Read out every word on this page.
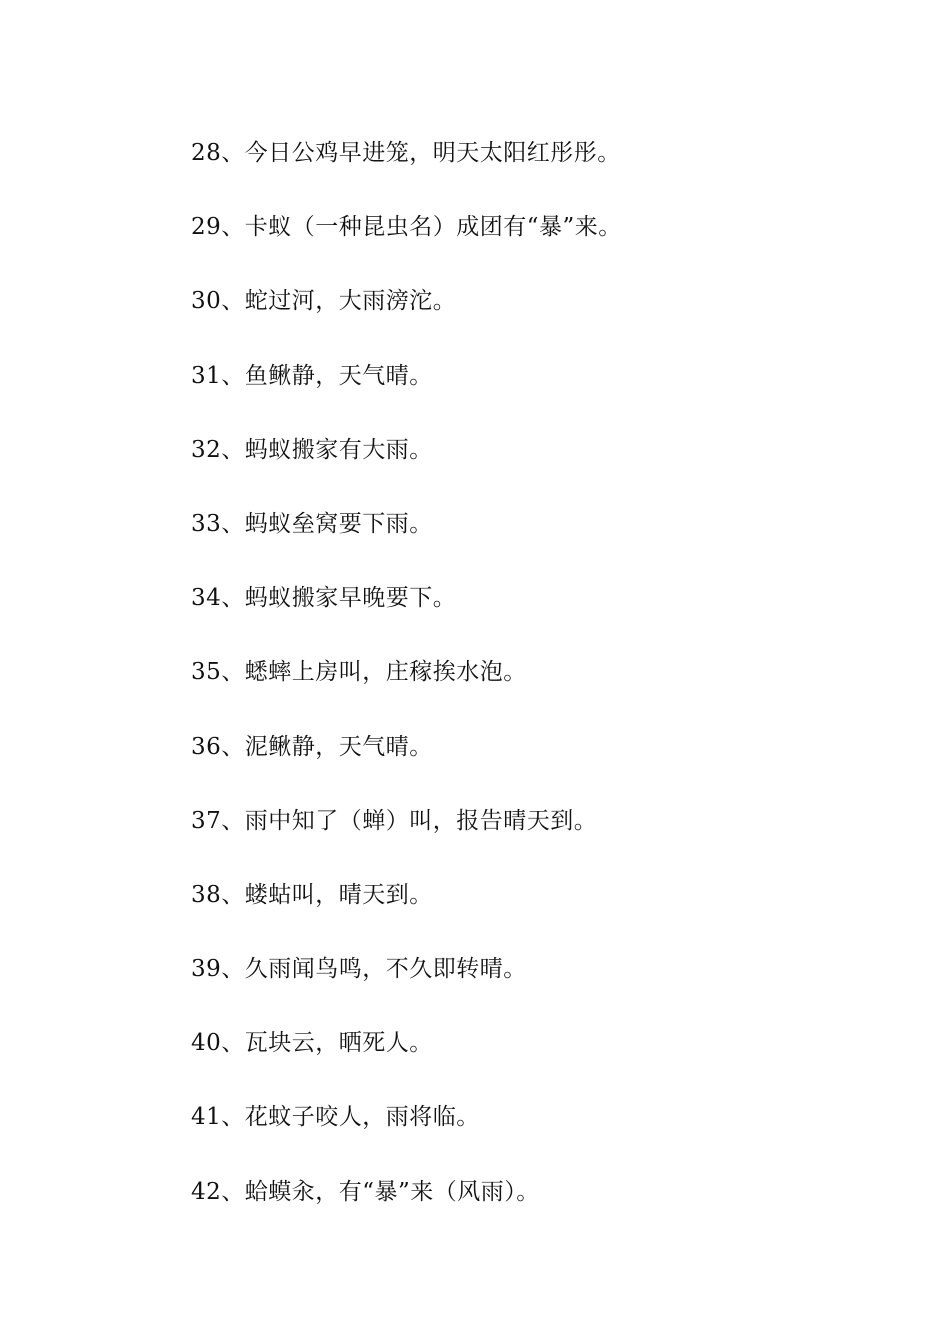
28、今日公鸡早进笼，明天太阳红彤彤。
29、卡蚁（一种昆虫名）成团有“暴”来。
30、蛇过河，大雨滂沱。
31、鱼鳅静，天气晴。
32、蚂蚁搬家有大雨。
33、蚂蚁垒窝要下雨。
34、蚂蚁搬家早晚要下。
35、蟋蟀上房叫，庄稼挨水泡。
36、泥鳅静，天气晴。
37、雨中知了（蝉）叫，报告晴天到。
38、蝼蛄叫，晴天到。
39、久雨闻鸟鸣，不久即转晴。
40、瓦块云，晒死人。
41、花蚊子咬人，雨将临。
42、蛤蟆汆，有“暴”来（风雨）。
